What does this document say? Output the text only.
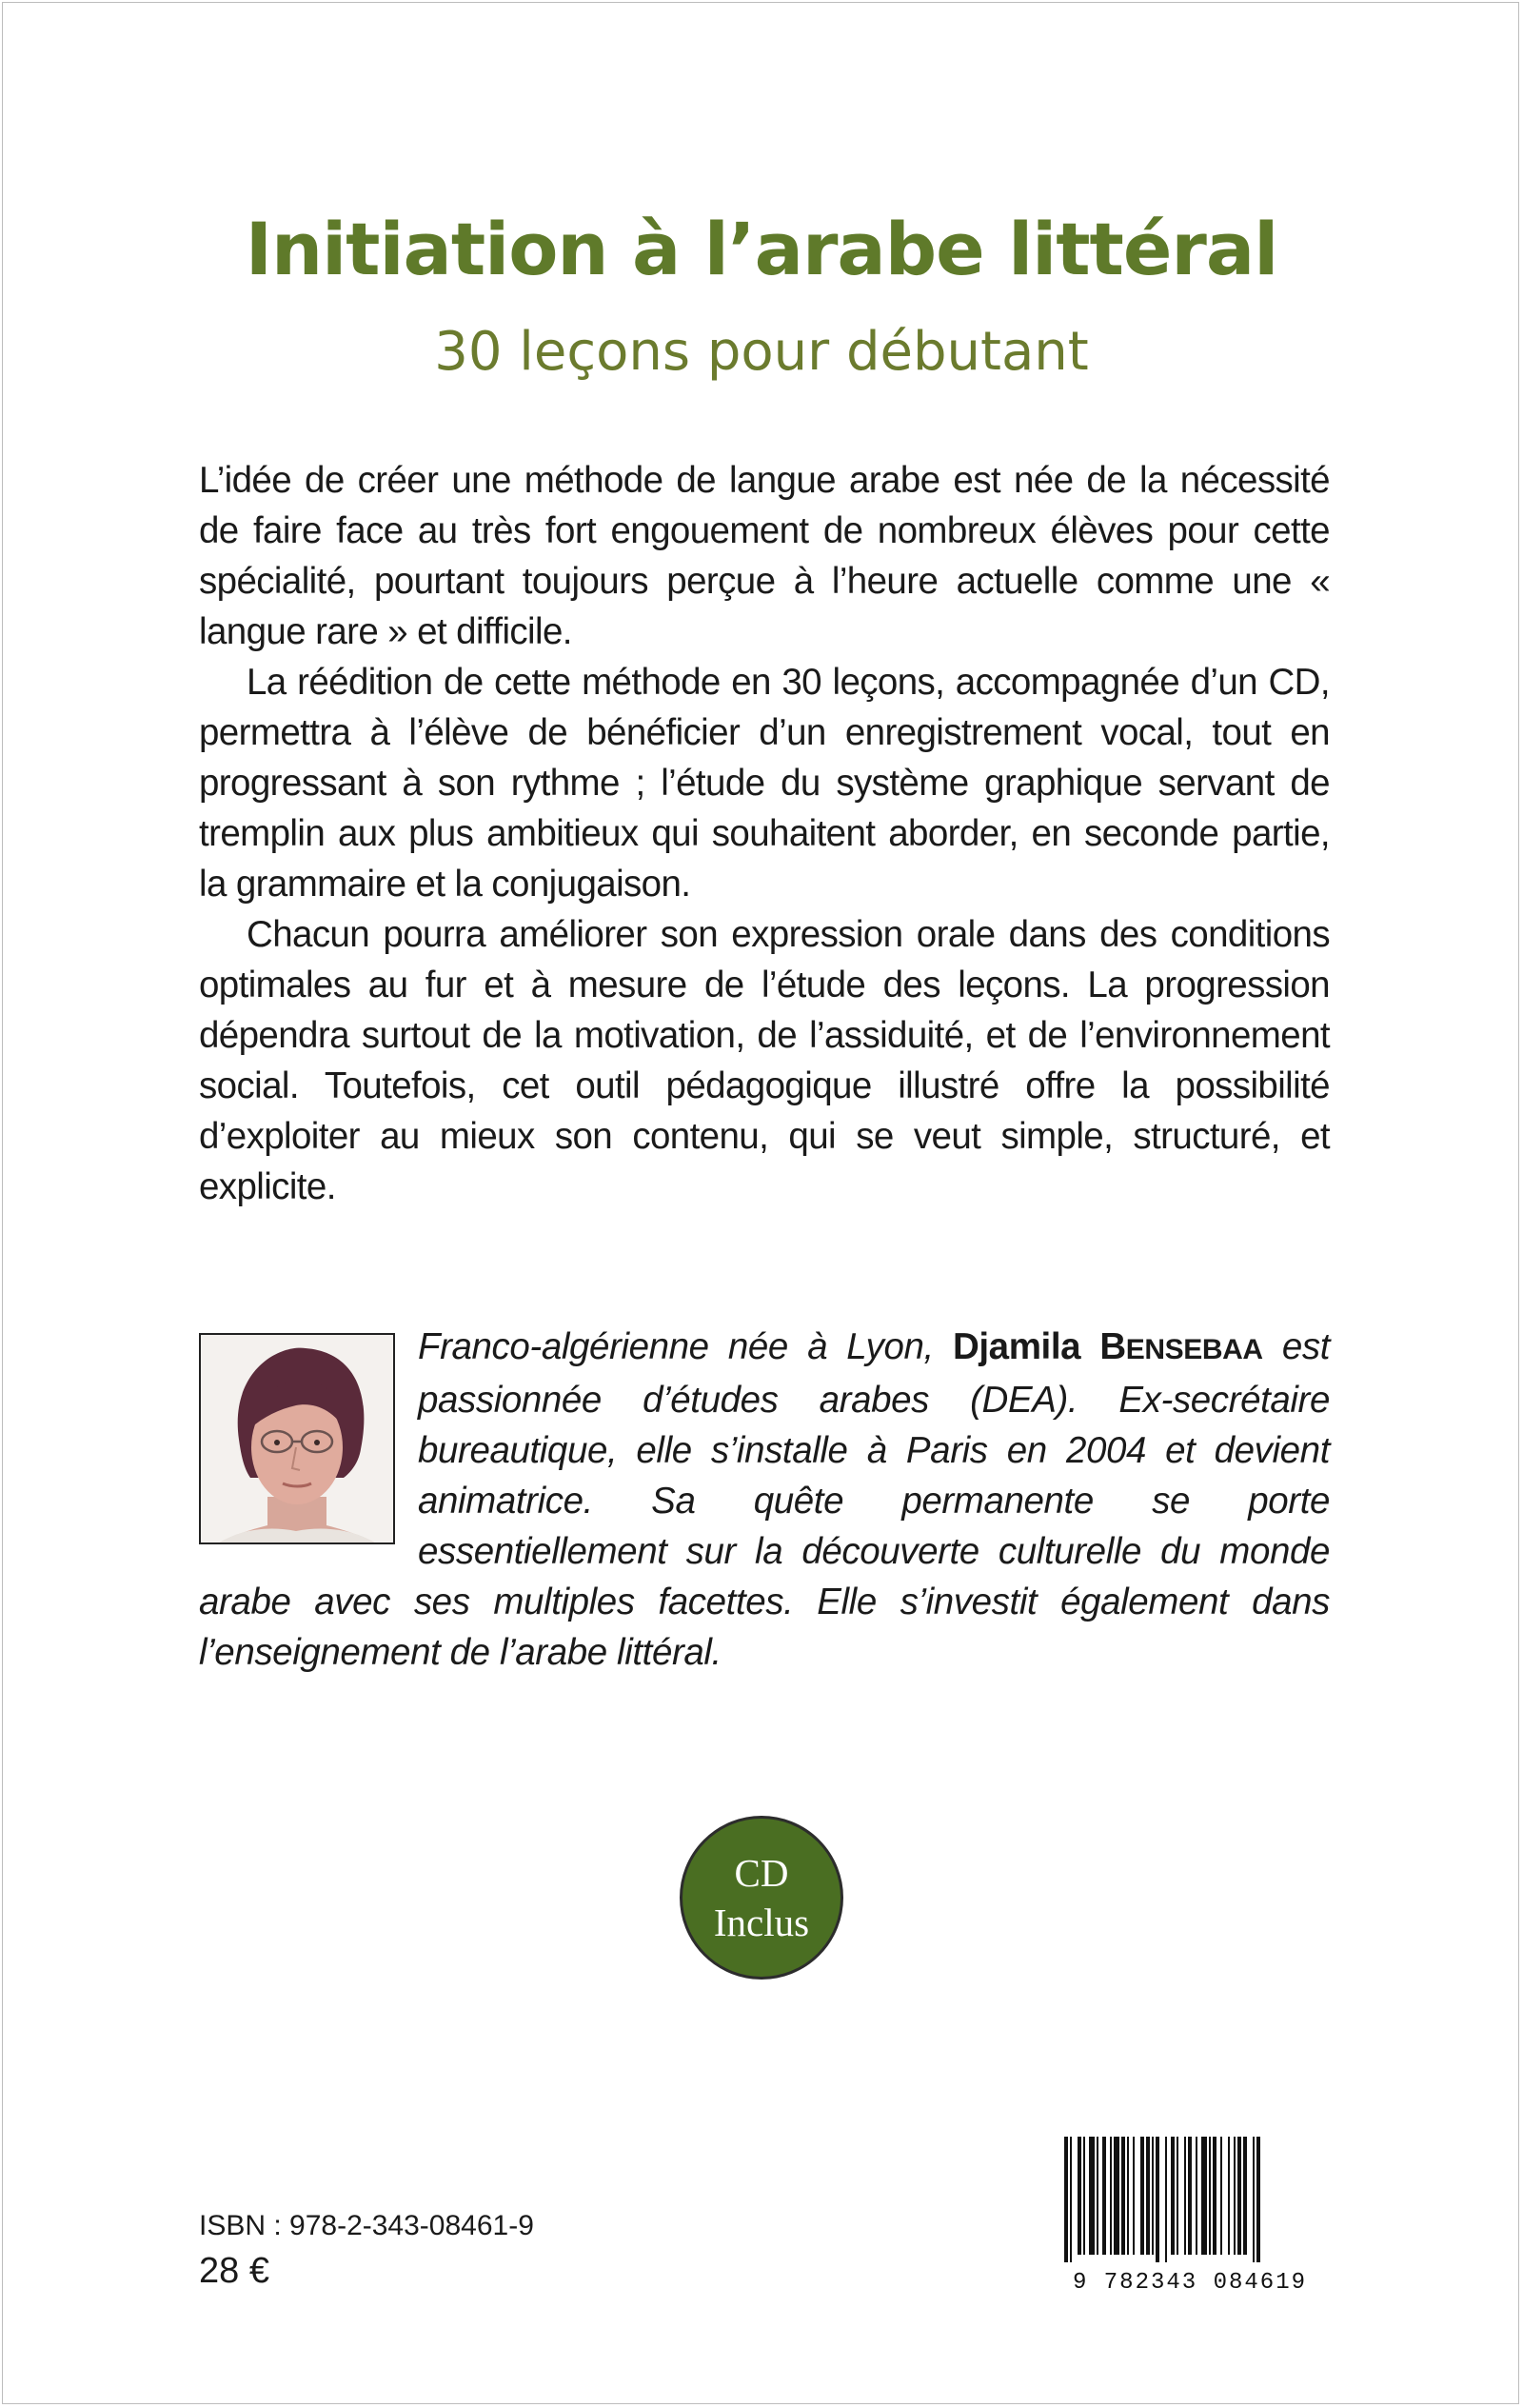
Initiation à l’arabe littéral
30 leçons pour débutant

L’idée de créer une méthode de langue arabe est née de la nécessité de faire face au très fort engouement de nombreux élèves pour cette spécialité, pourtant toujours perçue à l’heure actuelle comme une « langue rare » et difficile.

La réédition de cette méthode en 30 leçons, accompagnée d’un CD, permettra à l’élève de bénéficier d’un enregistrement vocal, tout en progressant à son rythme ; l’étude du système graphique servant de tremplin aux plus ambitieux qui souhaitent aborder, en seconde partie, la grammaire et la conjugaison.

Chacun pourra améliorer son expression orale dans des conditions optimales au fur et à mesure de l’étude des leçons. La progression dépendra surtout de la motivation, de l’assiduité, et de l’environnement social. Toutefois, cet outil pédagogique illustré offre la possibilité d’exploiter au mieux son contenu, qui se veut simple, structuré, et explicite.

Franco-algérienne née à Lyon, Djamila BENSEBAA est passionnée d’études arabes (DEA). Ex-secrétaire bureautique, elle s’installe à Paris en 2004 et devient animatrice. Sa quête permanente se porte essentiellement sur la découverte culturelle du monde arabe avec ses multiples facettes. Elle s’investit également dans l’enseignement de l’arabe littéral.
CD
Inclus
ISBN : 978-2-343-08461-9
28 €	9 782343 084619
